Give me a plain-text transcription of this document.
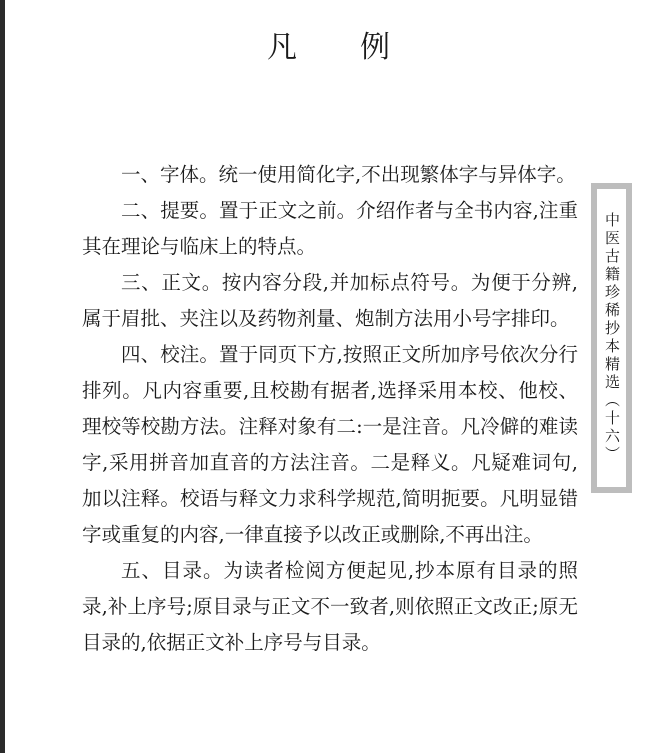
凡 例

一、字体。统一使用简化字,不出现繁体字与异体字。

二、提要。置于正文之前。介绍作者与全书内容,注重其在理论与临床上的特点。

三、正文。按内容分段,并加标点符号。为便于分辨,属于眉批、夹注以及药物剂量、炮制方法用小号字排印。

四、校注。置于同页下方,按照正文所加序号依次分行排列。凡内容重要,且校勘有据者,选择采用本校、他校、理校等校勘方法。注释对象有二:一是注音。凡冷僻的难读字,采用拼音加直音的方法注音。二是释义。凡疑难词句,加以注释。校语与释文力求科学规范,简明扼要。凡明显错字或重复的内容,一律直接予以改正或删除,不再出注。

五、目录。为读者检阅方便起见,抄本原有目录的照录,补上序号;原目录与正文不一致者,则依照正文改正;原无目录的,依据正文补上序号与目录。

中医古籍珍稀抄本精选（十六）
